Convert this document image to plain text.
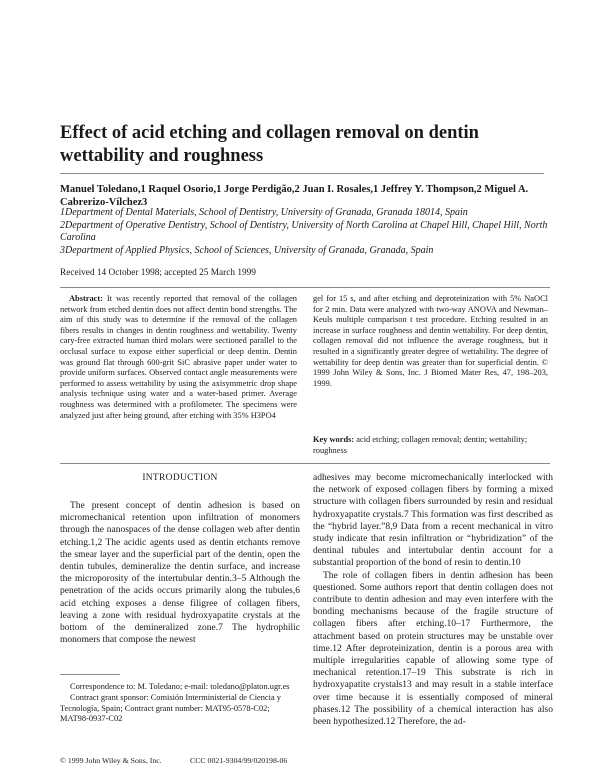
Effect of acid etching and collagen removal on dentin wettability and roughness
Manuel Toledano,1 Raquel Osorio,1 Jorge Perdigão,2 Juan I. Rosales,1 Jeffrey Y. Thompson,2 Miguel A. Cabrerizo-Vílchez3
1Department of Dental Materials, School of Dentistry, University of Granada, Granada 18014, Spain
2Department of Operative Dentistry, School of Dentistry, University of North Carolina at Chapel Hill, Chapel Hill, North Carolina
3Department of Applied Physics, School of Sciences, University of Granada, Granada, Spain
Received 14 October 1998; accepted 25 March 1999
Abstract: It was recently reported that removal of the collagen network from etched dentin does not affect dentin bond strengths. The aim of this study was to determine if the removal of the collagen fibers results in changes in dentin roughness and wettability. Twenty cary-free extracted human third molars were sectioned parallel to the occlusal surface to expose either superficial or deep dentin. Dentin was ground flat through 600-grit SiC abrasive paper under water to provide uniform surfaces. Observed contact angle measurements were performed to assess wettability by using the axisymmetric drop shape analysis technique using water and a water-based primer. Average roughness was determined with a profilometer. The specimens were analyzed just after being ground, after etching with 35% H3PO4
gel for 15 s, and after etching and deproteinization with 5% NaOCl for 2 min. Data were analyzed with two-way ANOVA and Newman–Keuls multiple comparison t test procedure. Etching resulted in an increase in surface roughness and dentin wettability. For deep dentin, collagen removal did not influence the average roughness, but it resulted in a significantly greater degree of wettability. The degree of wettability for deep dentin was greater than for superficial dentin. © 1999 John Wiley & Sons, Inc. J Biomed Mater Res, 47, 198–203, 1999.
Key words: acid etching; collagen removal; dentin; wettability; roughness
INTRODUCTION
The present concept of dentin adhesion is based on micromechanical retention upon infiltration of monomers through the nanospaces of the dense collagen web after dentin etching.1,2 The acidic agents used as dentin etchants remove the smear layer and the superficial part of the dentin, open the dentin tubules, demineralize the dentin surface, and increase the microporosity of the intertubular dentin.3–5 Although the penetration of the acids occurs primarily along the tubules,6 acid etching exposes a dense filigree of collagen fibers, leaving a zone with residual hydroxyapatite crystals at the bottom of the demineralized zone.7 The hydrophilic monomers that compose the newest

adhesives may become micromechanically interlocked with the network of exposed collagen fibers by forming a mixed structure with collagen fibers surrounded by resin and residual hydroxyapatite crystals.7 This formation was first described as the “hybrid layer.”8,9 Data from a recent mechanical in vitro study indicate that resin infiltration or “hybridization” of the dentinal tubules and intertubular dentin account for a substantial proportion of the bond of resin to dentin.10

The role of collagen fibers in dentin adhesion has been questioned. Some authors report that dentin collagen does not contribute to dentin adhesion and may even interfere with the bonding mechanisms because of the fragile structure of collagen fibers after etching.10–17 Furthermore, the attachment based on protein structures may be unstable over time.12 After deproteinization, dentin is a porous area with multiple irregularities capable of allowing some type of mechanical retention.17–19 This substrate is rich in hydroxyapatite crystals13 and may result in a stable interface over time because it is essentially composed of mineral phases.12 The possibility of a chemical interaction has also been hypothesized.12 Therefore, the ad-

Correspondence to: M. Toledano; e-mail: toledano@platon.ugr.es

Contract grant sponsor: Comisión Interministerial de Ciencia y Tecnología, Spain; Contract grant number: MAT95-0578-C02; MAT98-0937-C02

© 1999 John Wiley & Sons, Inc.	CCC 0021-9304/99/020198-06
